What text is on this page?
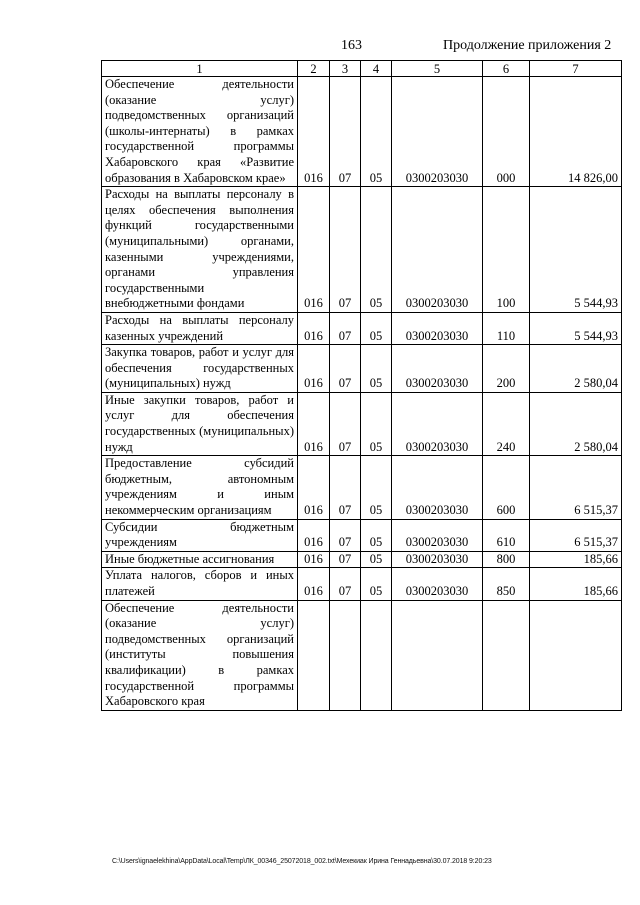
163	Продолжение приложения 2
1	2	3	4	5	6	7
Обеспечение деятельности (оказание услуг) подведомственных организаций (школы-интернаты) в рамках государственной программы Хабаровского края «Развитие образования в Хабаровском крае»	016	07	05	0300203030	000	14 826,00
Расходы на выплаты персоналу в целях обеспечения выполнения функций государственными (муниципальными) органами, казенными учреждениями, органами управления государственными внебюджетными фондами	016	07	05	0300203030	100	5 544,93
Расходы на выплаты персоналу казенных учреждений	016	07	05	0300203030	110	5 544,93
Закупка товаров, работ и услуг для обеспечения государственных (муниципальных) нужд	016	07	05	0300203030	200	2 580,04
Иные закупки товаров, работ и услуг для обеспечения государственных (муниципальных) нужд	016	07	05	0300203030	240	2 580,04
Предоставление субсидий бюджетным, автономным учреждениям и иным некоммерческим организациям	016	07	05	0300203030	600	6 515,37
Субсидии бюджетным учреждениям	016	07	05	0300203030	610	6 515,37
Иные бюджетные ассигнования	016	07	05	0300203030	800	185,66
Уплата налогов, сборов и иных платежей	016	07	05	0300203030	850	185,66
Обеспечение деятельности (оказание услуг) подведомственных организаций (институты повышения квалификации) в рамках государственной программы Хабаровского края						
C:\Users\ignaelekhina\AppData\Local\Temp\ЛК_00346_25072018_002.txt\Мехекиак Ирина Геннадьевна\30.07.2018 9:20:23
